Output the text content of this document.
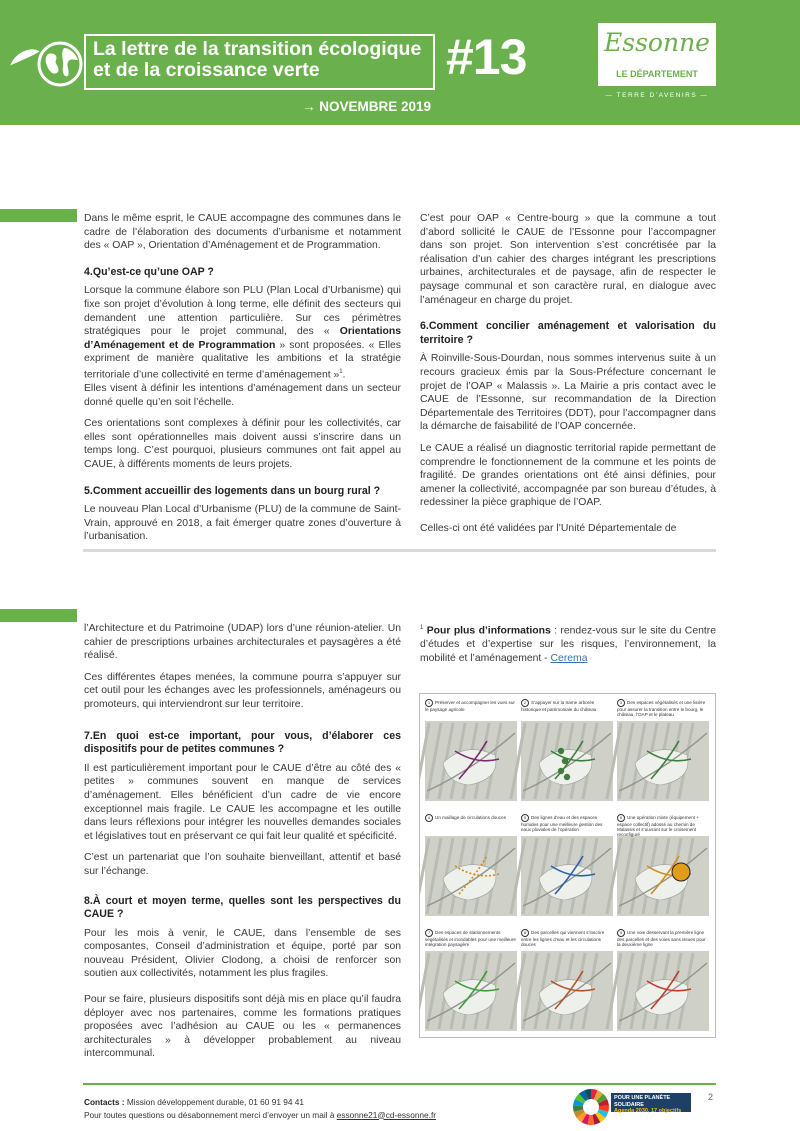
La lettre de la transition écologique et de la croissance verte	#13
→ NOVEMBRE 2019
Essonne
LE DÉPARTEMENT
— TERRE D’AVENIRS —

Dans le même esprit, le CAUE accompagne des communes dans le cadre de l’élaboration des documents d’urbanisme et notamment des « OAP », Orientation d’Aménagement et de Programmation.

4.Qu’est-ce qu’une OAP ?

Lorsque la commune élabore son PLU (Plan Local d’Urbanisme) qui fixe son projet d’évolution à long terme, elle définit des secteurs qui demandent une attention particulière. Sur ces périmètres stratégiques pour le projet communal, des « Orientations d’Aménagement et de Programmation » sont proposées. « Elles expriment de manière qualitative les ambitions et la stratégie territoriale d’une collectivité en terme d’aménagement »$^1$.

Elles visent à définir les intentions d’aménagement dans un secteur donné quelle qu’en soit l’échelle.

Ces orientations sont complexes à définir pour les collectivités, car elles sont opérationnelles mais doivent aussi s’inscrire dans un temps long. C’est pourquoi, plusieurs communes ont fait appel au CAUE, à différents moments de leurs projets.

5.Comment accueillir des logements dans un bourg rural ?

Le nouveau Plan Local d’Urbanisme (PLU) de la commune de Saint-Vrain, approuvé en 2018, a fait émerger quatre zones d’ouverture à l’urbanisation.

C’est pour OAP « Centre-bourg » que la commune a tout d’abord sollicité le CAUE de l’Essonne pour l’accompagner dans son projet. Son intervention s’est concrétisée par la réalisation d’un cahier des charges intégrant les prescriptions urbaines, architecturales et de paysage, afin de respecter le paysage communal et son caractère rural, en dialogue avec l’aménageur en charge du projet.

6.Comment concilier aménagement et valorisation du territoire ?

À Roinville-Sous-Dourdan, nous sommes intervenus suite à un recours gracieux émis par la Sous-Préfecture concernant le projet de l’OAP « Malassis ». La Mairie a pris contact avec le CAUE de l’Essonne, sur recommandation de la Direction Départementale des Territoires (DDT), pour l’accompagner dans la démarche de faisabilité de l’OAP concernée.

Le CAUE a réalisé un diagnostic territorial rapide permettant de comprendre le fonctionnement de la commune et les points de fragilité. De grandes orientations ont été ainsi définies, pour amener la collectivité, accompagnée par son bureau d’études, à redessiner la pièce graphique de l’OAP.

Celles-ci ont été validées par l’Unité Départementale de

l’Architecture et du Patrimoine (UDAP) lors d’une réunion-atelier. Un cahier de prescriptions urbaines architecturales et paysagères a été réalisé.

Ces différentes étapes menées, la commune pourra s’appuyer sur cet outil pour les échanges avec les professionnels, aménageurs ou promoteurs, qui interviendront sur leur territoire.

7.En quoi est-ce important, pour vous, d’élaborer ces dispositifs pour de petites communes ?

Il est particulièrement important pour le CAUE d’être au côté des « petites » communes souvent en manque de services d’aménagement. Elles bénéficient d’un cadre de vie encore exceptionnel mais fragile. Le CAUE les accompagne et les outille dans leurs réflexions pour intégrer les nouvelles demandes sociales et législatives tout en préservant ce qui fait leur qualité et spécificité.

C’est un partenariat que l’on souhaite bienveillant, attentif et basé sur l’échange.

8.À court et moyen terme, quelles sont les perspectives du CAUE ?

Pour les mois à venir, le CAUE, dans l’ensemble de ses composantes, Conseil d’administration et équipe, porté par son nouveau Président, Olivier Clodong, a choisi de renforcer son soutien aux collectivités, notamment les plus fragiles.

Pour se faire, plusieurs dispositifs sont déjà mis en place qu’il faudra déployer avec nos partenaires, comme les formations pratiques proposées avec l’adhésion au CAUE ou les « permanences architecturales » à développer probablement au niveau intercommunal.

$^1$ Pour plus d’informations : rendez-vous sur le site du Centre d’études et d’expertise sur les risques, l’environnement, la mobilité et l’aménagement - Cerema

1 Préserver et accompagner les vues sur le paysage agricole
2 S’appuyer sur la trame arborée historique et patrimoniale du château
3 Des espaces végétalisés et une lisière pour assurer la transition entre le bourg, le château, l’OAP et le plateau
4 Un maillage de circulations douces	5 Des lignes d’eau et des espaces humides pour une meilleure gestion des eaux pluviales de l’opération
6 Une opération mixte (équipement + espace collectif) adossé au chemin de Malassis et s’ouvrant sur le croisement reconfiguré
7 Des espaces de stationnements végétalisés et inondables pour une meilleure intégration paysagère
8 Des parcelles qui viennent s’inscrire entre les lignes d’eau et les circulations douces
9 Une voie desservant la première ligne des parcelles et des voies sans issues pour la deuxième ligne
Contacts : Mission développement durable, 01 60 91 94 41
Pour toutes questions ou désabonnement merci d’envoyer un mail à essonne21@cd-essonne.fr
2
POUR UNE PLANÈTE SOLIDAIRE
Agenda 2030, 17 objectifs
